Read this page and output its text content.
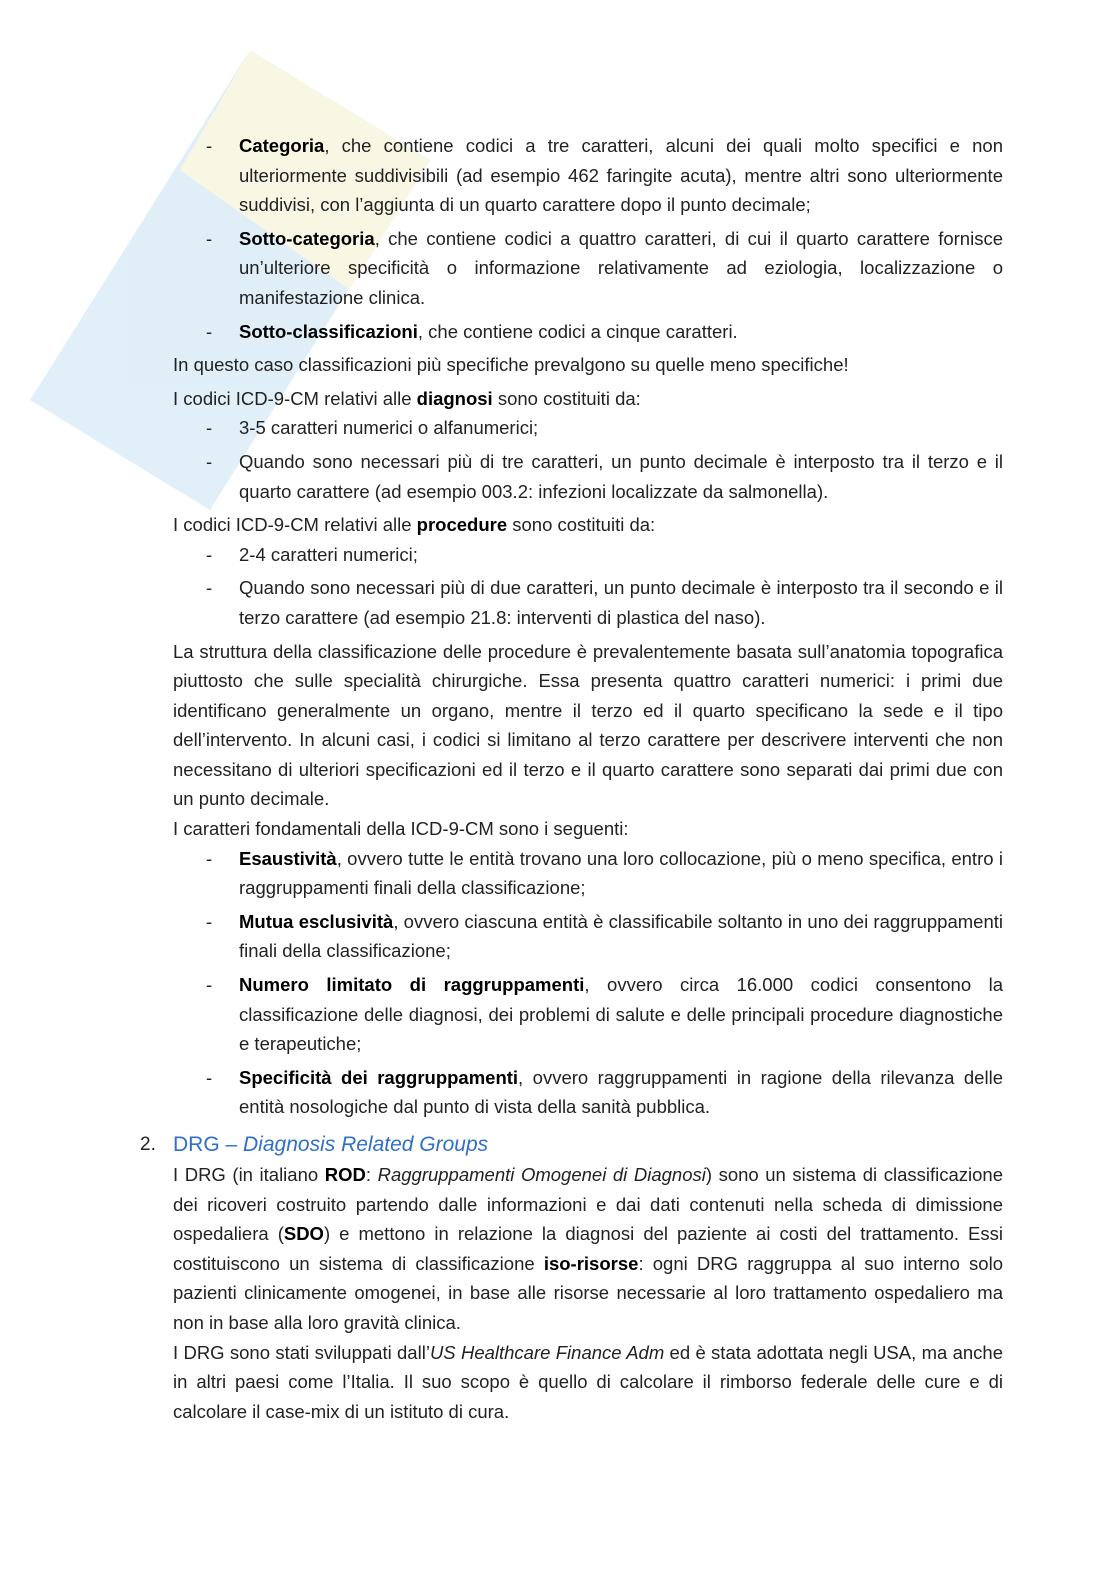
- Categoria, che contiene codici a tre caratteri, alcuni dei quali molto specifici e non ulteriormente suddivisibili (ad esempio 462 faringite acuta), mentre altri sono ulteriormente suddivisi, con l’aggiunta di un quarto carattere dopo il punto decimale;
- Sotto-categoria, che contiene codici a quattro caratteri, di cui il quarto carattere fornisce un’ulteriore specificità o informazione relativamente ad eziologia, localizzazione o manifestazione clinica.
- Sotto-classificazioni, che contiene codici a cinque caratteri.

In questo caso classificazioni più specifiche prevalgono su quelle meno specifiche!

I codici ICD-9-CM relativi alle diagnosi sono costituiti da:

- 3-5 caratteri numerici o alfanumerici;
- Quando sono necessari più di tre caratteri, un punto decimale è interposto tra il terzo e il quarto carattere (ad esempio 003.2: infezioni localizzate da salmonella).

I codici ICD-9-CM relativi alle procedure sono costituiti da:

- 2-4 caratteri numerici;
- Quando sono necessari più di due caratteri, un punto decimale è interposto tra il secondo e il terzo carattere (ad esempio 21.8: interventi di plastica del naso).

La struttura della classificazione delle procedure è prevalentemente basata sull’anatomia topografica piuttosto che sulle specialità chirurgiche. Essa presenta quattro caratteri numerici: i primi due identificano generalmente un organo, mentre il terzo ed il quarto specificano la sede e il tipo dell’intervento. In alcuni casi, i codici si limitano al terzo carattere per descrivere interventi che non necessitano di ulteriori specificazioni ed il terzo e il quarto carattere sono separati dai primi due con un punto decimale.

I caratteri fondamentali della ICD-9-CM sono i seguenti:

- Esaustività, ovvero tutte le entità trovano una loro collocazione, più o meno specifica, entro i raggruppamenti finali della classificazione;
- Mutua esclusività, ovvero ciascuna entità è classificabile soltanto in uno dei raggruppamenti finali della classificazione;
- Numero limitato di raggruppamenti, ovvero circa 16.000 codici consentono la classificazione delle diagnosi, dei problemi di salute e delle principali procedure diagnostiche e terapeutiche;
- Specificità dei raggruppamenti, ovvero raggruppamenti in ragione della rilevanza delle entità nosologiche dal punto di vista della sanità pubblica.
2. DRG – Diagnosis Related Groups

I DRG (in italiano ROD: Raggruppamenti Omogenei di Diagnosi) sono un sistema di classificazione dei ricoveri costruito partendo dalle informazioni e dai dati contenuti nella scheda di dimissione ospedaliera (SDO) e mettono in relazione la diagnosi del paziente ai costi del trattamento. Essi costituiscono un sistema di classificazione iso-risorse: ogni DRG raggruppa al suo interno solo pazienti clinicamente omogenei, in base alle risorse necessarie al loro trattamento ospedaliero ma non in base alla loro gravità clinica.

I DRG sono stati sviluppati dall’US Healthcare Finance Adm ed è stata adottata negli USA, ma anche in altri paesi come l’Italia. Il suo scopo è quello di calcolare il rimborso federale delle cure e di calcolare il case-mix di un istituto di cura.
